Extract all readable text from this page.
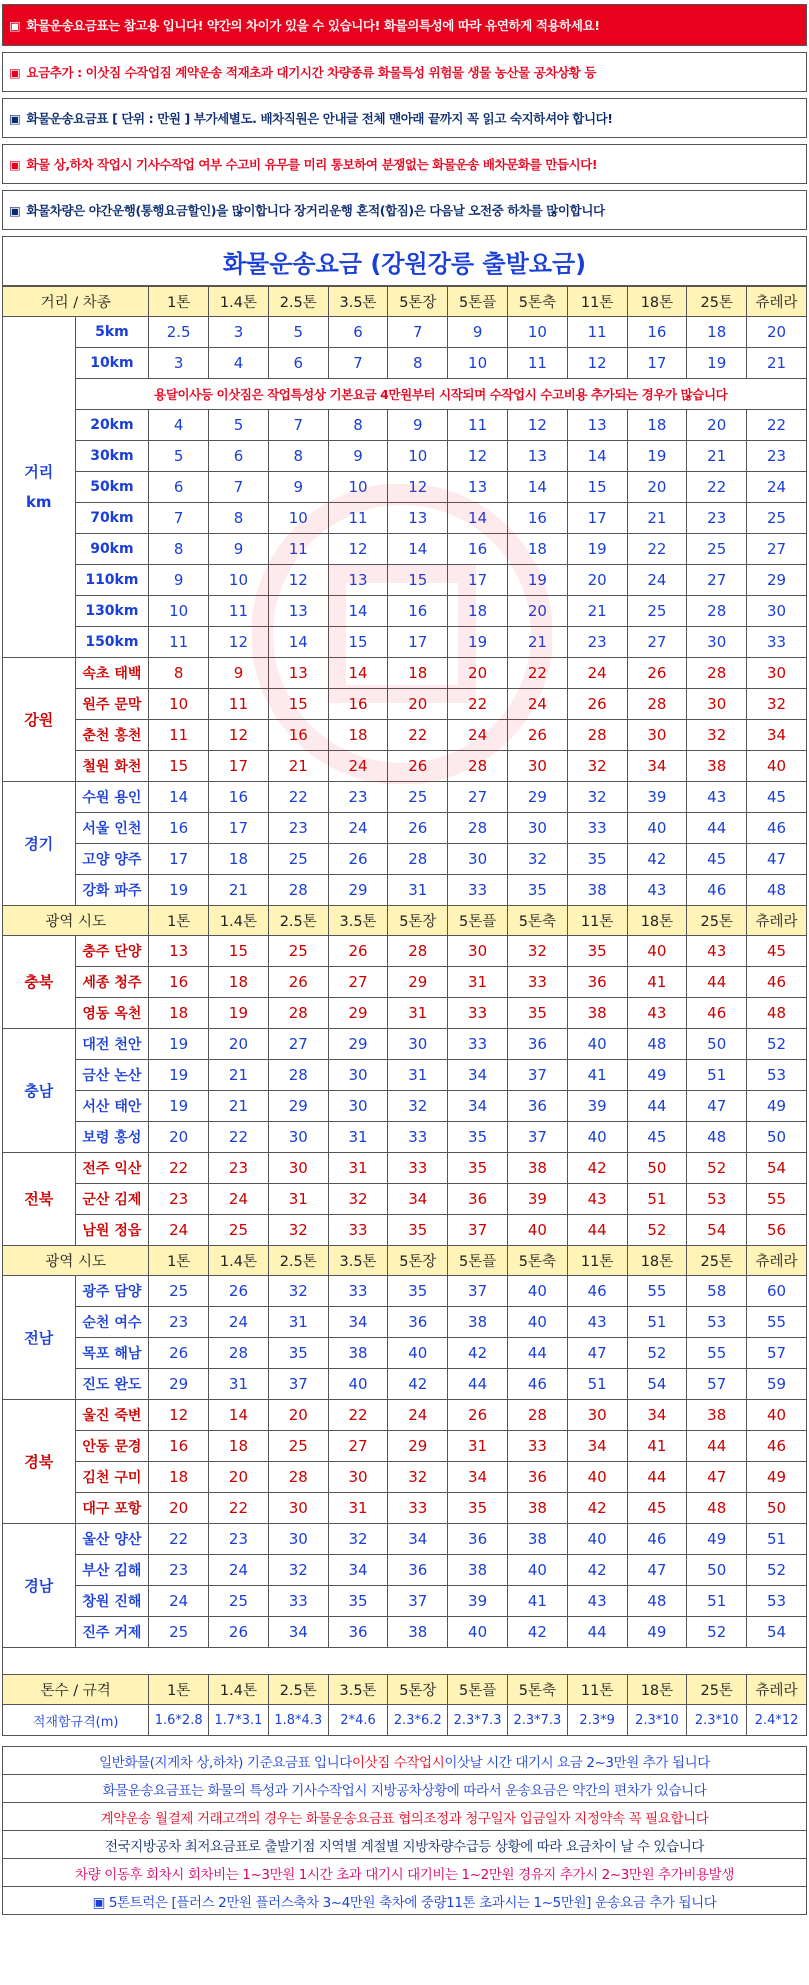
▣ 화물운송요금표는 참고용 입니다! 약간의 차이가 있을 수 있습니다! 화물의특성에 따라 유연하게 적용하세요!
▣ 요금추가 : 이삿짐 수작업짐 계약운송 적재초과 대기시간 차량종류 화물특성 위험물 생물 농산물 공차상황 등
▣ 화물운송요금표 [ 단위 : 만원 ] 부가세별도. 배차직원은 안내글 전체 맨아래 끝까지 꼭 읽고 숙지하셔야 합니다!
▣ 화물 상,하차 작업시 기사수작업 여부 수고비 유무를 미리 통보하여 분쟁없는 화물운송 배차문화를 만듭시다!
▣ 화물차량은 야간운행(통행요금할인)을 많이합니다 장거리운행 혼적(합짐)은 다음날 오전중 하차를 많이합니다
화물운송요금 (강원강릉 출발요금)
거리 / 차종		1톤	1.4톤	2.5톤	3.5톤	5톤장	5톤플	5톤축	11톤	18톤	25톤	츄레라

거리
km	5km	2.5	3	5	6	7	9	10	11	16	18	20
	10km	3	4	6	7	8	10	11	12	17	19	21
	용달이사등 이삿짐은 작업특성상 기본요금 4만원부터 시작되며 수작업시 수고비용 추가되는 경우가 많습니다											
	20km	4	5	7	8	9	11	12	13	18	20	22
	30km	5	6	8	9	10	12	13	14	19	21	23
	50km	6	7	9	10	12	13	14	15	20	22	24
	70km	7	8	10	11	13	14	16	17	21	23	25
	90km	8	9	11	12	14	16	18	19	22	25	27
	110km	9	10	12	13	15	17	19	20	24	27	29
	130km	10	11	13	14	16	18	20	21	25	28	30
	150km	11	12	14	15	17	19	21	23	27	30	33
강원	속초 태백	8	9	13	14	18	20	22	24	26	28	30
	원주 문막	10	11	15	16	20	22	24	26	28	30	32
	춘천 홍천	11	12	16	18	22	24	26	28	30	32	34
	철원 화천	15	17	21	24	26	28	30	32	34	38	40
경기	수원 용인	14	16	22	23	25	27	29	32	39	43	45
	서울 인천	16	17	23	24	26	28	30	33	40	44	46
	고양 양주	17	18	25	26	28	30	32	35	42	45	47
	강화 파주	19	21	28	29	31	33	35	38	43	46	48
광역 시도		1톤	1.4톤	2.5톤	3.5톤	5톤장	5톤플	5톤축	11톤	18톤	25톤	츄레라
충북	충주 단양	13	15	25	26	28	30	32	35	40	43	45
	세종 청주	16	18	26	27	29	31	33	36	41	44	46
	영동 옥천	18	19	28	29	31	33	35	38	43	46	48
충남	대전 천안	19	20	27	29	30	33	36	40	48	50	52
	금산 논산	19	21	28	30	31	34	37	41	49	51	53
	서산 태안	19	21	29	30	32	34	36	39	44	47	49
	보령 홍성	20	22	30	31	33	35	37	40	45	48	50
전북	전주 익산	22	23	30	31	33	35	38	42	50	52	54
	군산 김제	23	24	31	32	34	36	39	43	51	53	55
	남원 정읍	24	25	32	33	35	37	40	44	52	54	56
광역 시도		1톤	1.4톤	2.5톤	3.5톤	5톤장	5톤플	5톤축	11톤	18톤	25톤	츄레라
전남	광주 담양	25	26	32	33	35	37	40	46	55	58	60
	순천 여수	23	24	31	34	36	38	40	43	51	53	55
	목포 해남	26	28	35	38	40	42	44	47	52	55	57
	진도 완도	29	31	37	40	42	44	46	51	54	57	59
경북	울진 죽변	12	14	20	22	24	26	28	30	34	38	40
	안동 문경	16	18	25	27	29	31	33	34	41	44	46
	김천 구미	18	20	28	30	32	34	36	40	44	47	49
	대구 포항	20	22	30	31	33	35	38	42	45	48	50
경남	울산 양산	22	23	30	32	34	36	38	40	46	49	51
	부산 김해	23	24	32	34	36	38	40	42	47	50	52
	창원 진해	24	25	33	35	37	39	41	43	48	51	53
	진주 거제	25	26	34	36	38	40	42	44	49	52	54

톤수 / 규격		1톤	1.4톤	2.5톤	3.5톤	5톤장	5톤플	5톤축	11톤	18톤	25톤	츄레라
적재함규격(m)		1.6*2.8	1.7*3.1	1.8*4.3	2*4.6	2.3*6.2	2.3*7.3	2.3*7.3	2.3*9	2.3*10	2.3*10	2.4*12
일반화물(지게차 상,하차) 기준요금표 입니다 이삿짐 수작업시 이삿날 시간 대기시 요금 2~3만원 추가 됩니다
화물운송요금표는 화물의 특성과 기사수작업시 지방공차상황에 따라서 운송요금은 약간의 편차가 있습니다
계약운송 월결제 거래고객의 경우는 화물운송요금표 협의조정과 청구일자 입금일자 지정약속 꼭 필요합니다
전국지방공차 최저요금표로 출발기점 지역별 계절별 지방차량수급등 상황에 따라 요금차이 날 수 있습니다
차량 이동후 회차시 회차비는 1~3만원 1시간 초과 대기시 대기비는 1~2만원 경유지 추가시 2~3만원 추가비용발생
▣ 5톤트럭은 [플러스 2만원 플러스축차 3~4만원 축차에 중량11톤 초과시는 1~5만원] 운송요금 추가 됩니다
